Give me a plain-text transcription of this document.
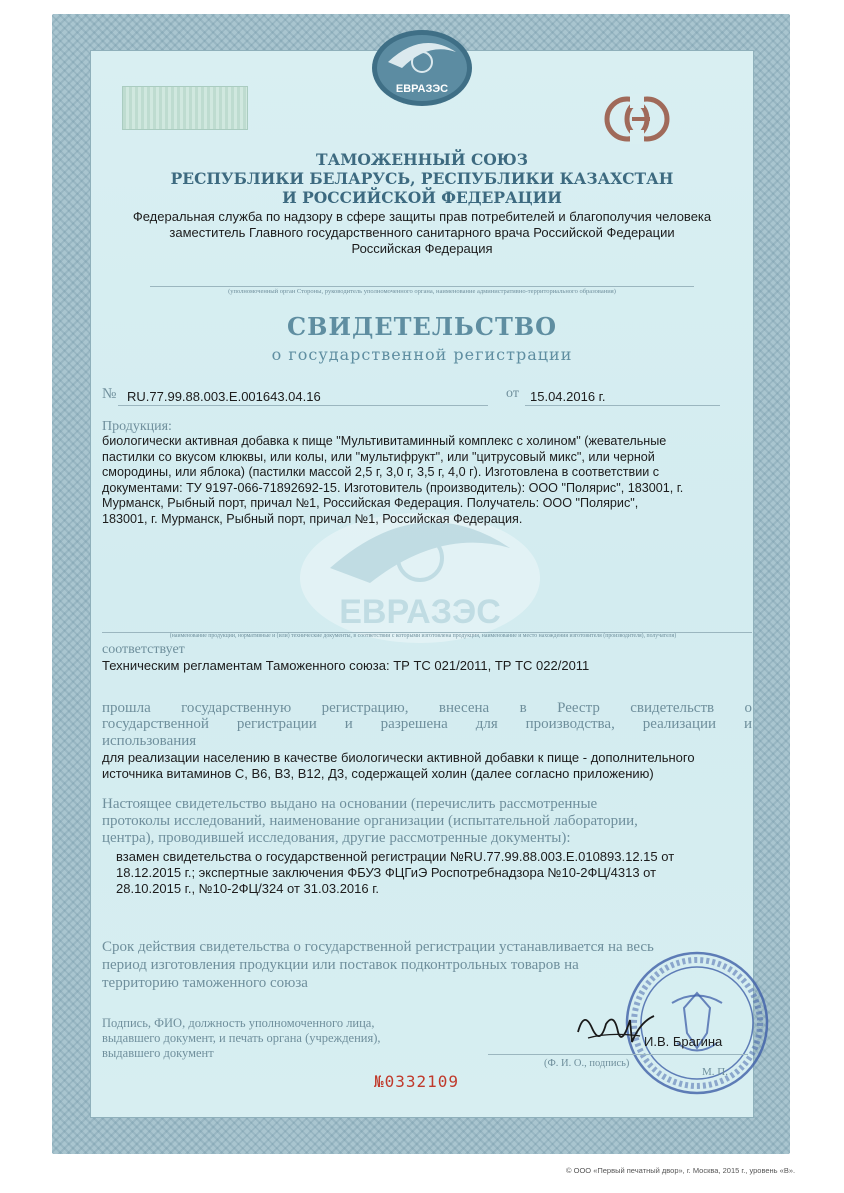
ЕВРАЗЭС
ЕВРАЗЭС
ТАМОЖЕННЫЙ СОЮЗ
РЕСПУБЛИКИ БЕЛАРУСЬ, РЕСПУБЛИКИ КАЗАХСТАН
И РОССИЙСКОЙ ФЕДЕРАЦИИ
Федеральная служба по надзору в сфере защиты прав потребителей и благополучия человека
заместитель Главного государственного санитарного врача Российской Федерации
Российская Федерация
(уполномоченный орган Стороны, руководитель уполномоченного органа, наименование административно-территориального образования)
СВИДЕТЕЛЬСТВО
о государственной регистрации
№ RU.77.99.88.003.Е.001643.04.16	от 15.04.2016 г.
Продукция:
биологически активная добавка к пище "Мультивитаминный комплекс с холином" (жевательные
пастилки со вкусом клюквы, или колы, или "мультифрукт", или "цитрусовый микс", или черной
смородины, или яблока) (пастилки массой 2,5 г, 3,0 г, 3,5 г, 4,0 г). Изготовлена в соответствии с
документами: ТУ 9197-066-71892692-15. Изготовитель (производитель): ООО "Полярис", 183001, г.
Мурманск, Рыбный порт, причал №1, Российская Федерация. Получатель: ООО "Полярис",
183001, г. Мурманск, Рыбный порт, причал №1, Российская Федерация.
(наименование продукции, нормативные и (или) технические документы, в соответствии с которыми изготовлена продукция, наименование и место нахождения изготовителя (производителя), получателя)
соответствует
Техническим регламентам Таможенного союза: ТР ТС 021/2011, ТР ТС 022/2011
прошла государственную регистрацию, внесена в Реестр свидетельств о
государственной регистрации и разрешена для производства, реализации и
использования
для реализации населению в качестве биологически активной добавки к пище - дополнительного
источника витаминов С, В6, В3, В12, Д3, содержащей холин (далее согласно приложению)
Настоящее свидетельство выдано на основании (перечислить рассмотренные
протоколы исследований, наименование организации (испытательной лаборатории,
центра), проводившей исследования, другие рассмотренные документы):
взамен свидетельства о государственной регистрации №RU.77.99.88.003.Е.010893.12.15 от
18.12.2015 г.; экспертные заключения ФБУЗ ФЦГиЭ Роспотребнадзора №10-2ФЦ/4313 от
28.10.2015 г., №10-2ФЦ/324 от 31.03.2016 г.
Срок действия свидетельства о государственной регистрации устанавливается на весь
период изготовления продукции или поставок подконтрольных товаров на
территорию таможенного союза
Подпись, ФИО, должность уполномоченного лица,
выдавшего документ, и печать органа (учреждения),
выдавшего документ
И.В. Брагина
(Ф. И. О., подпись)
М. П.
№0332109
© ООО «Первый печатный двор», г. Москва, 2015 г., уровень «В».
